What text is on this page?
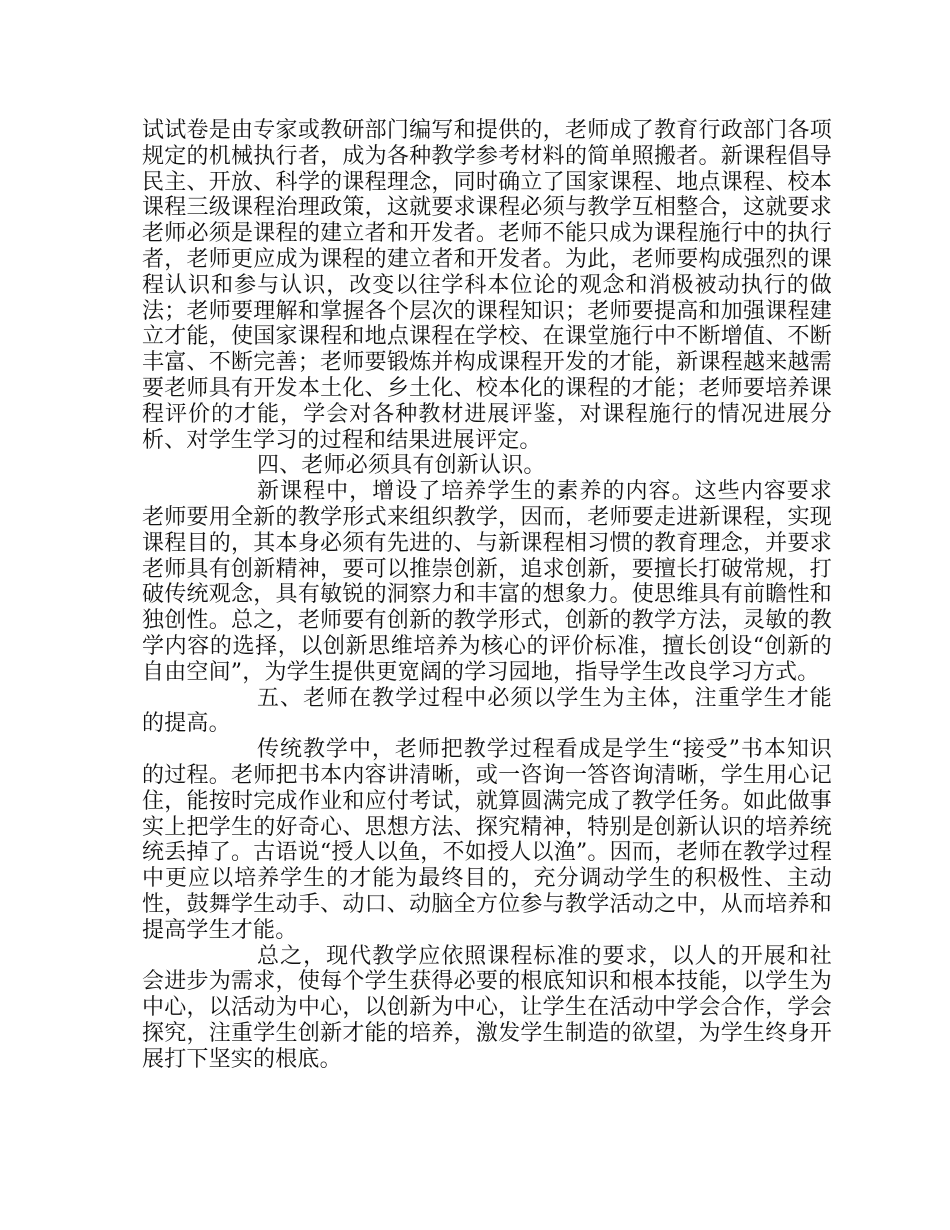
试试卷是由专家或教研部门编写和提供的，老师成了教育行政部门各项规定的机械执行者，成为各种教学参考材料的简单照搬者。新课程倡导民主、开放、科学的课程理念，同时确立了国家课程、地点课程、校本课程三级课程治理政策，这就要求课程必须与教学互相整合，这就要求老师必须是课程的建立者和开发者。老师不能只成为课程施行中的执行者，老师更应成为课程的建立者和开发者。为此，老师要构成强烈的课程认识和参与认识，改变以往学科本位论的观念和消极被动执行的做法；老师要理解和掌握各个层次的课程知识；老师要提高和加强课程建立才能，使国家课程和地点课程在学校、在课堂施行中不断增值、不断丰富、不断完善；老师要锻炼并构成课程开发的才能，新课程越来越需要老师具有开发本土化、乡土化、校本化的课程的才能；老师要培养课程评价的才能，学会对各种教材进展评鉴，对课程施行的情况进展分析、对学生学习的过程和结果进展评定。

四、老师必须具有创新认识。

新课程中，增设了培养学生的素养的内容。这些内容要求老师要用全新的教学形式来组织教学，因而，老师要走进新课程，实现课程目的，其本身必须有先进的、与新课程相习惯的教育理念，并要求老师具有创新精神，要可以推崇创新，追求创新，要擅长打破常规，打破传统观念，具有敏锐的洞察力和丰富的想象力。使思维具有前瞻性和独创性。总之，老师要有创新的教学形式，创新的教学方法，灵敏的教学内容的选择，以创新思维培养为核心的评价标准，擅长创设“创新的自由空间”，为学生提供更宽阔的学习园地，指导学生改良学习方式。

五、老师在教学过程中必须以学生为主体，注重学生才能的提高。

传统教学中，老师把教学过程看成是学生“接受”书本知识的过程。老师把书本内容讲清晰，或一咨询一答咨询清晰，学生用心记住，能按时完成作业和应付考试，就算圆满完成了教学任务。如此做事实上把学生的好奇心、思想方法、探究精神，特别是创新认识的培养统统丢掉了。古语说“授人以鱼，不如授人以渔”。因而，老师在教学过程中更应以培养学生的才能为最终目的，充分调动学生的积极性、主动性，鼓舞学生动手、动口、动脑全方位参与教学活动之中，从而培养和提高学生才能。

总之，现代教学应依照课程标准的要求，以人的开展和社会进步为需求，使每个学生获得必要的根底知识和根本技能，以学生为中心，以活动为中心，以创新为中心，让学生在活动中学会合作，学会探究，注重学生创新才能的培养，激发学生制造的欲望，为学生终身开展打下坚实的根底。
